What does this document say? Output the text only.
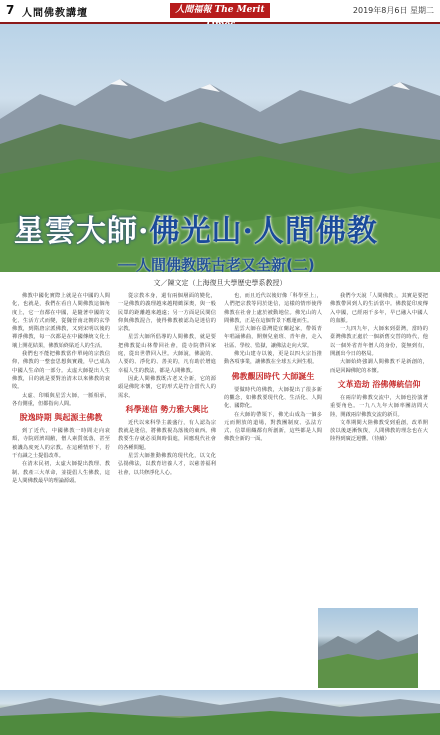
7 人間佛教講壇	人間福報 The Merit	2019年8月6日 星期二
星雲大師·佛光山·人間佛教
──人間佛教既古老又全新(二)
文／陳文定（上海復旦大學歷史學系教授）

佛教中國化實際上就是在中國的人間化，也就是，我們在看自人間佛教這個角度上，它一直都在中國，是隨著中國的文化、生活方式而變，從魏晉南北朝的玄學佛教，到隋唐宗派佛教，又到宋明以後的禪淨佛教，每一次都是在中國傳統文化土壤上開花結果，佛教始終貼近人的生活。

我們也不能把佛教當作單純的宗教信仰，佛教的一整套思想與實踐，早已成為中國人生命的一部分。太虛大師提出人生佛教，目的就是要對治清末以來佛教的衰敗。

太虛、印順與星雲大師，一脈相承，各有側重，但都指向人間。

脫逸時期 與起源主佛教

到了近代，中國佛教一時間走向衰頹，寺院經濟凋敝，僧人素質低落，甚至被譏為度死人的宗教。在這種情形下，若干有識之士提倡改革。

在清末民初，太虛大師提出教理、教制、教產三大革命，並提倡人生佛教，這是人間佛教最早的理論源頭。

從宗教本身，還有兩個層面的變化，一是佛教的義理越來越精緻深奧，與一般民眾的距離越來越遠；另一方面是民間信仰與佛教混合，使得佛教被認為是迷信的宗教。

星雲大師所倡導的人間佛教，就是要把佛教從山林帶回社會，從寺院帶回家庭，從出世帶回入世。大師說，佛說的、人要的、淨化的、善美的，凡有助於增進幸福人生的教法，都是人間佛教。

因此人間佛教既古老又全新，它的源頭是佛陀本懷，它的形式是符合當代人的需求。

科學迷信 勢力雅大興比

近代以來科學主義盛行，有人認為宗教就是迷信，將佛教視為落後的東西。佛教要生存就必須與時俱進，回應現代社會的各種問題。

星雲大師推動佛教的現代化，以文化弘揚佛法，以教育培養人才，以慈善福利社會，以共修淨化人心。

也，而且近代以後好像「科學至上」，人們把宗教等同於迷信，這樣的情形使得佛教在社會上處於被動地位。佛光山的人間佛教，正是在這個背景下應運而生。

星雲大師在臺灣從宜蘭起家，帶領青年唱誦佛曲，開辦兒童班、青年會，走入社區、學校、監獄，讓佛法走向大眾。

佛光山建寺以後，更是以四大宗旨推動各項事業，讓佛教在全球五大洲生根。

佛教觀因時代 大師誕生

要做時代的佛教，大師提出了很多新的觀念，如佛教要現代化、生活化、人間化、國際化。

在大師的帶領下，佛光山成為一個多元而開放的道場，對教團制度、弘法方式、信眾組織都有所創新，這些都是人間佛教全新的一面。

我們今天說「人間佛教」，其實是要把佛教帶回到人的生活當中。佛教從印度傳入中國，已經兩千多年，早已融入中國人的血脈。

一九四九年，大師來到臺灣，當時的臺灣佛教正處於一個新舊交替的時代，他以一個外省青年僧人的身份，從無到有，開創出今日的格局。

大師始終強調人間佛教不是新創的，而是回歸佛陀的本懷。

文革造劫 浴佛傳統信仰

在兩岸的佛教交流中，大師也扮演著重要角色。一九八九年大師率團訪問大陸，開啟兩岸佛教交流的新頁。

文革期間大陸佛教受到重創，改革開放以後逐漸恢復，人間佛教的理念也在大陸得到廣泛迴響。（待續）
